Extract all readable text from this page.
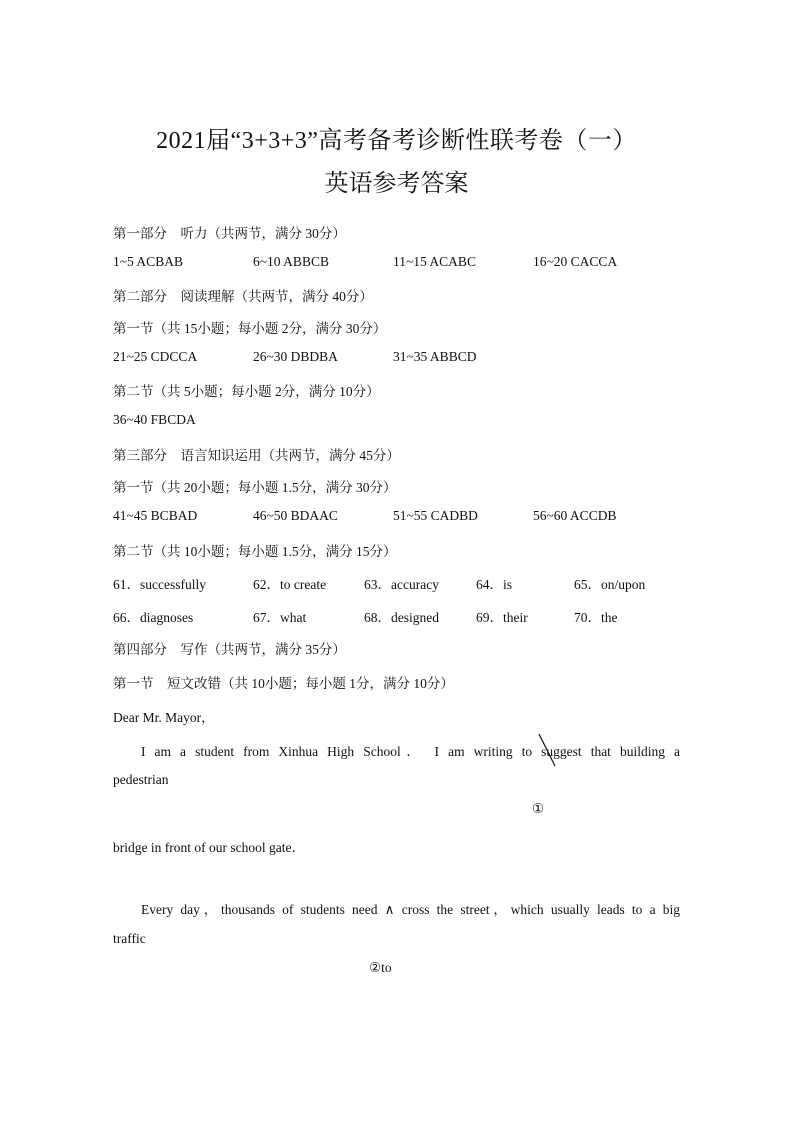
2021届“3+3+3”高考备考诊断性联考卷（一）
英语参考答案
第一部分　听力（共两节，满分 30分）
1~5 ACBAB	6~10 ABBCB	11~15 ACABC	16~20 CACCA
第二部分　阅读理解（共两节，满分 40分）
第一节（共 15小题；每小题 2分，满分 30分）
21~25 CDCCA	26~30 DBDBA	31~35 ABBCD
第二节（共 5小题；每小题 2分，满分 10分）
36~40 FBCDA
第三部分　语言知识运用（共两节，满分 45分）
第一节（共 20小题；每小题 1.5分，满分 30分）
41~45 BCBAD	46~50 BDAAC	51~55 CADBD	56~60 ACCDB
第二节（共 10小题；每小题 1.5分，满分 15分）
61．successfully	62．to create	63．accuracy	64．is	65．on/upon
66．diagnoses	67．what	68．designed	69．their	70．the
第四部分　写作（共两节，满分 35分）
第一节　短文改错（共 10小题；每小题 1分，满分 10分）
Dear Mr. Mayor，
I am a student from Xinhua High School． I am writing to suggest that building a
pedestrian
①
bridge in front of our school gate．
Every day，thousands of students need ∧ cross the street，which usually leads to a big
traffic
②to
